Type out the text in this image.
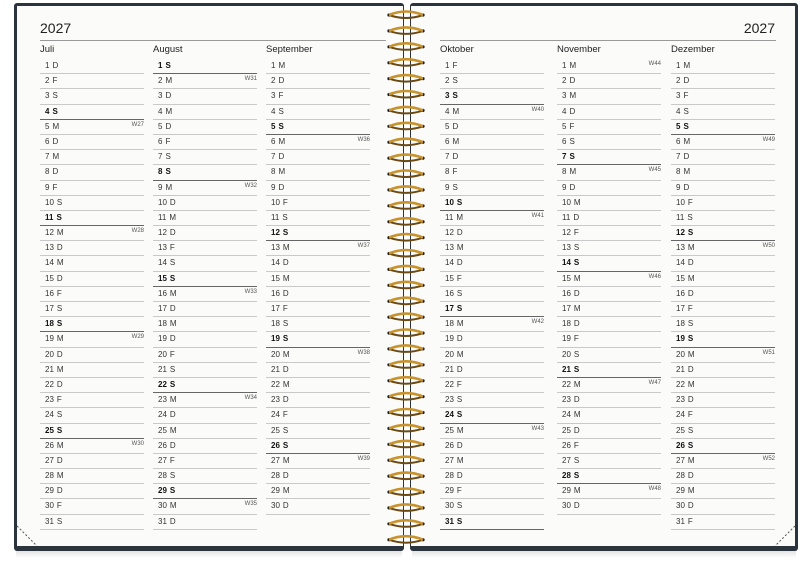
2027
Juli
1 D
2 F
3 S
4 S
5 M	W27
6 D
7 M
8 D
9 F
10 S
11 S
12 M	W28
13 D
14 M
15 D
16 F
17 S
18 S
19 M	W29
20 D
21 M
22 D
23 F
24 S
25 S
26 M	W30
27 D
28 M
29 D
30 F
31 S
August
1 S
2 M	W31
3 D
4 M
5 D
6 F
7 S
8 S
9 M	W32
10 D
11 M
12 D
13 F
14 S
15 S
16 M	W33
17 D
18 M
19 D
20 F
21 S
22 S
23 M	W34
24 D
25 M
26 D
27 F
28 S
29 S
30 M	W35
31 D
September
1 M
2 D
3 F
4 S
5 S
6 M	W36
7 D
8 M
9 D
10 F
11 S
12 S
13 M	W37
14 D
15 M
16 D
17 F
18 S
19 S
20 M	W38
21 D
22 M
23 D
24 F
25 S
26 S
27 M	W39
28 D
29 M
30 D
2027
Oktober
1 F
2 S
3 S
4 M	W40
5 D
6 M
7 D
8 F
9 S
10 S
11 M	W41
12 D
13 M
14 D
15 F
16 S
17 S
18 M	W42
19 D
20 M
21 D
22 F
23 S
24 S
25 M	W43
26 D
27 M
28 D
29 F
30 S
31 S
November
1 M	W44
2 D
3 M
4 D
5 F
6 S
7 S
8 M	W45
9 D
10 M
11 D
12 F
13 S
14 S
15 M	W46
16 D
17 M
18 D
19 F
20 S
21 S
22 M	W47
23 D
24 M
25 D
26 F
27 S
28 S
29 M	W48
30 D
Dezember
1 M
2 D
3 F
4 S
5 S
6 M	W49
7 D
8 M
9 D
10 F
11 S
12 S
13 M	W50
14 D
15 M
16 D
17 F
18 S
19 S
20 M	W51
21 D
22 M
23 D
24 F
25 S
26 S
27 M	W52
28 D
29 M
30 D
31 F
